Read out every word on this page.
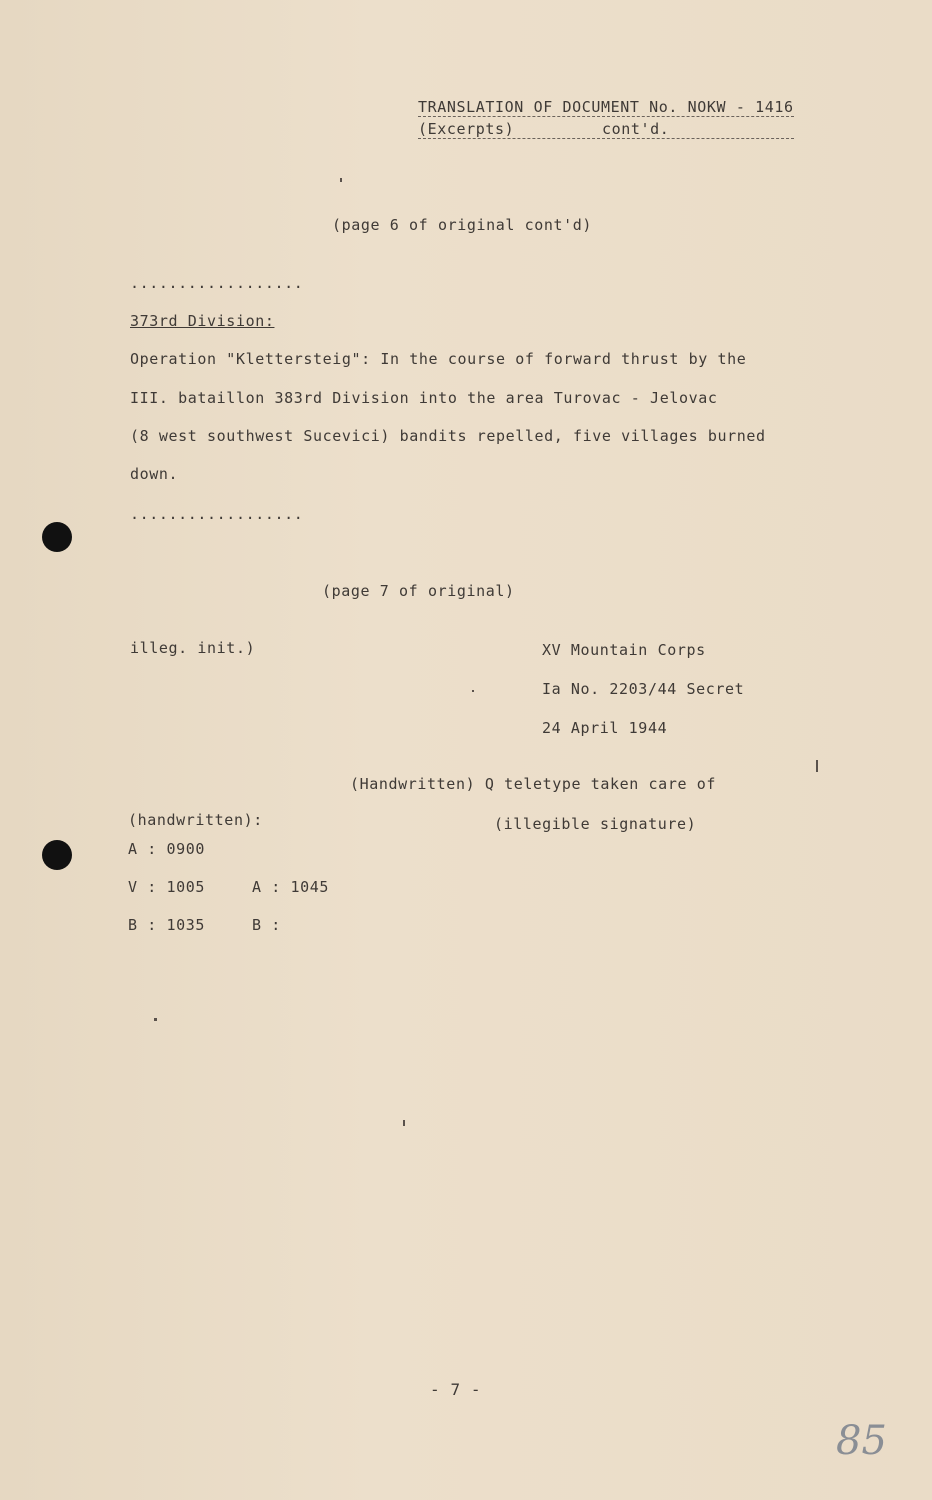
TRANSLATION OF DOCUMENT No. NOKW - 1416
(Excerpts)	cont'd.
(page 6 of original cont'd)
..................
373rd Division:
Operation "Klettersteig": In the course of forward thrust by the
III. bataillon 383rd Division into the area Turovac - Jelovac
(8 west southwest Sucevici) bandits repelled, five villages burned
down.
..................
(page 7 of original)
illeg. init.)	XV Mountain Corps
Ia No. 2203/44 Secret
24 April 1944
(Handwritten) Q teletype taken care of
(handwritten):	(illegible signature)
A : 0900
V : 1005	A : 1045
B : 1035	B :
- 7 -
85
